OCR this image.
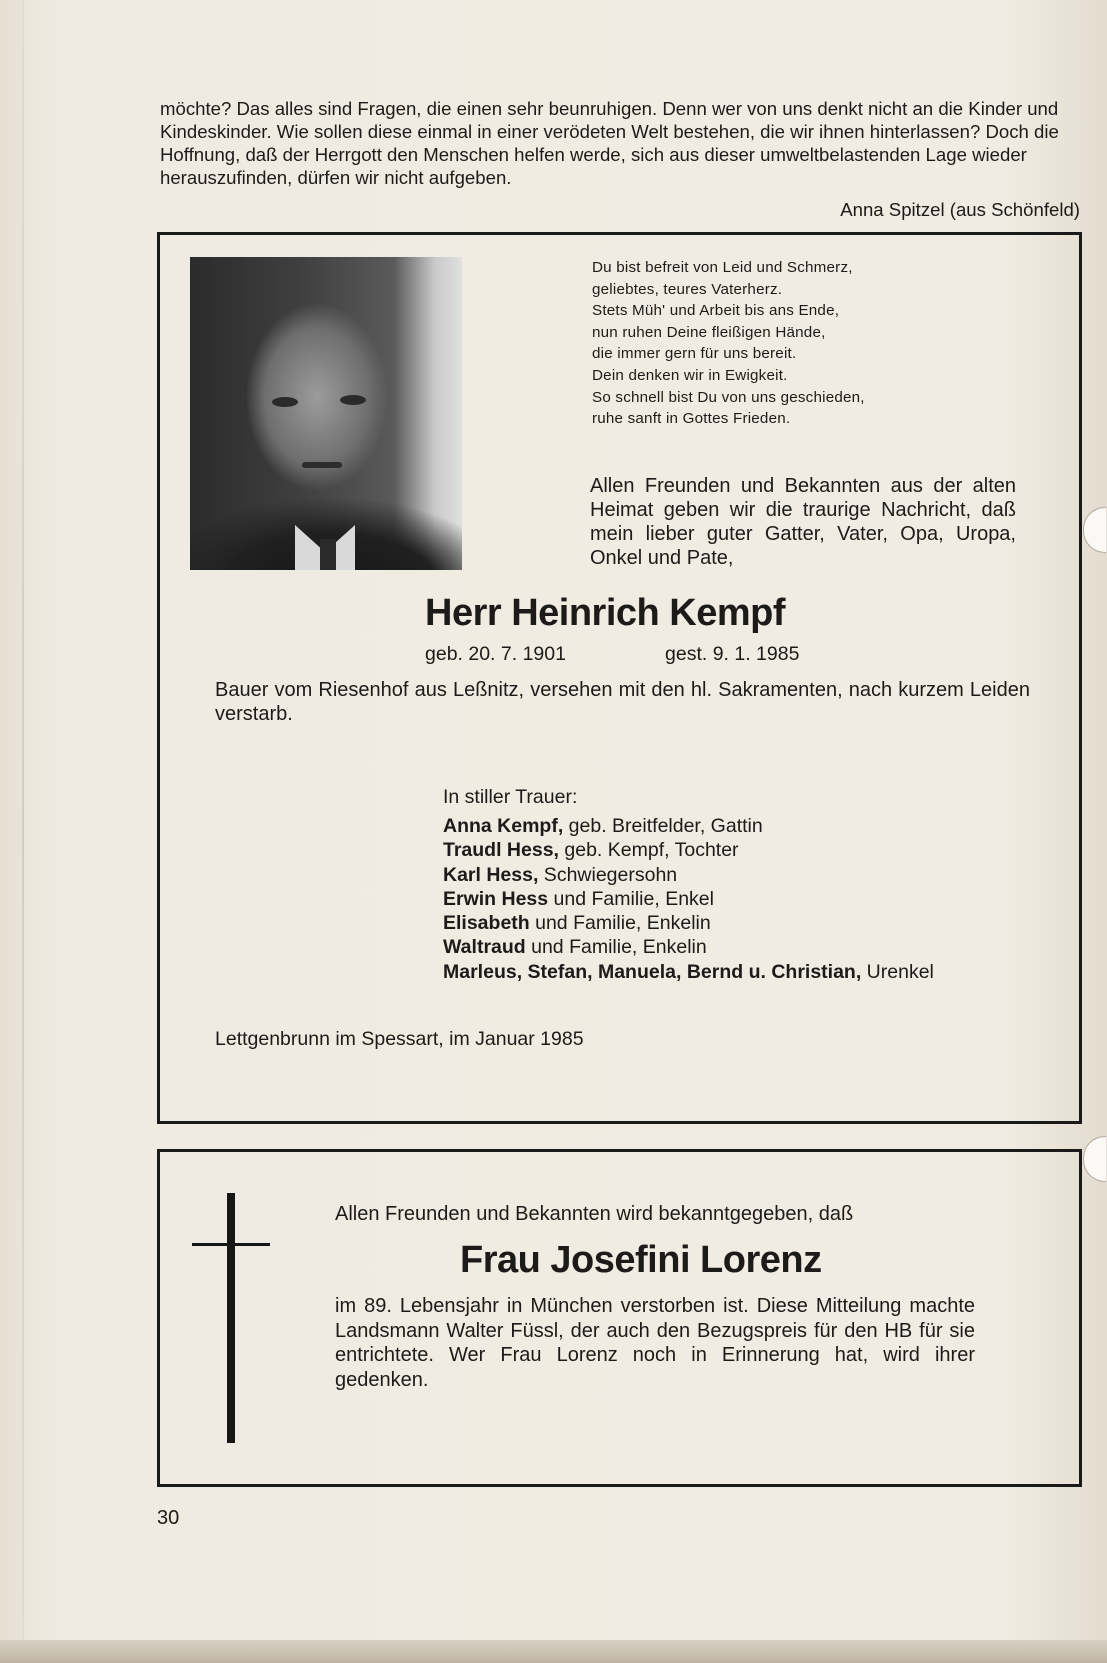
möchte? Das alles sind Fragen, die einen sehr beunruhigen. Denn wer von uns denkt nicht an die Kinder und Kindeskinder. Wie sollen diese einmal in einer verödeten Welt bestehen, die wir ihnen hinterlassen? Doch die Hoffnung, daß der Herrgott den Menschen helfen werde, sich aus dieser umweltbelastenden Lage wieder herauszufinden, dürfen wir nicht aufgeben.

Anna Spitzel (aus Schönfeld)

Du bist befreit von Leid und Schmerz,
geliebtes, teures Vaterherz.
Stets Müh' und Arbeit bis ans Ende,
nun ruhen Deine fleißigen Hände,
die immer gern für uns bereit.
Dein denken wir in Ewigkeit.
So schnell bist Du von uns geschieden,
ruhe sanft in Gottes Frieden.

Allen Freunden und Bekannten aus der alten Heimat geben wir die traurige Nachricht, daß mein lieber guter Gatter, Vater, Opa, Uropa, Onkel und Pate,

Herr Heinrich Kempf
geb. 20. 7. 1901	gest. 9. 1. 1985

Bauer vom Riesenhof aus Leßnitz, versehen mit den hl. Sakramenten, nach kurzem Leiden verstarb.

In stiller Trauer:

Anna Kempf, geb. Breitfelder, Gattin
Traudl Hess, geb. Kempf, Tochter
Karl Hess, Schwiegersohn
Erwin Hess und Familie, Enkel
Elisabeth und Familie, Enkelin
Waltraud und Familie, Enkelin
Marleus, Stefan, Manuela, Bernd u. Christian, Urenkel

Lettgenbrunn im Spessart, im Januar 1985

Allen Freunden und Bekannten wird bekanntgegeben, daß

Frau Josefini Lorenz

im 89. Lebensjahr in München verstorben ist. Diese Mitteilung machte Landsmann Walter Füssl, der auch den Bezugspreis für den HB für sie entrichtete. Wer Frau Lorenz noch in Erinnerung hat, wird ihrer gedenken.

30
